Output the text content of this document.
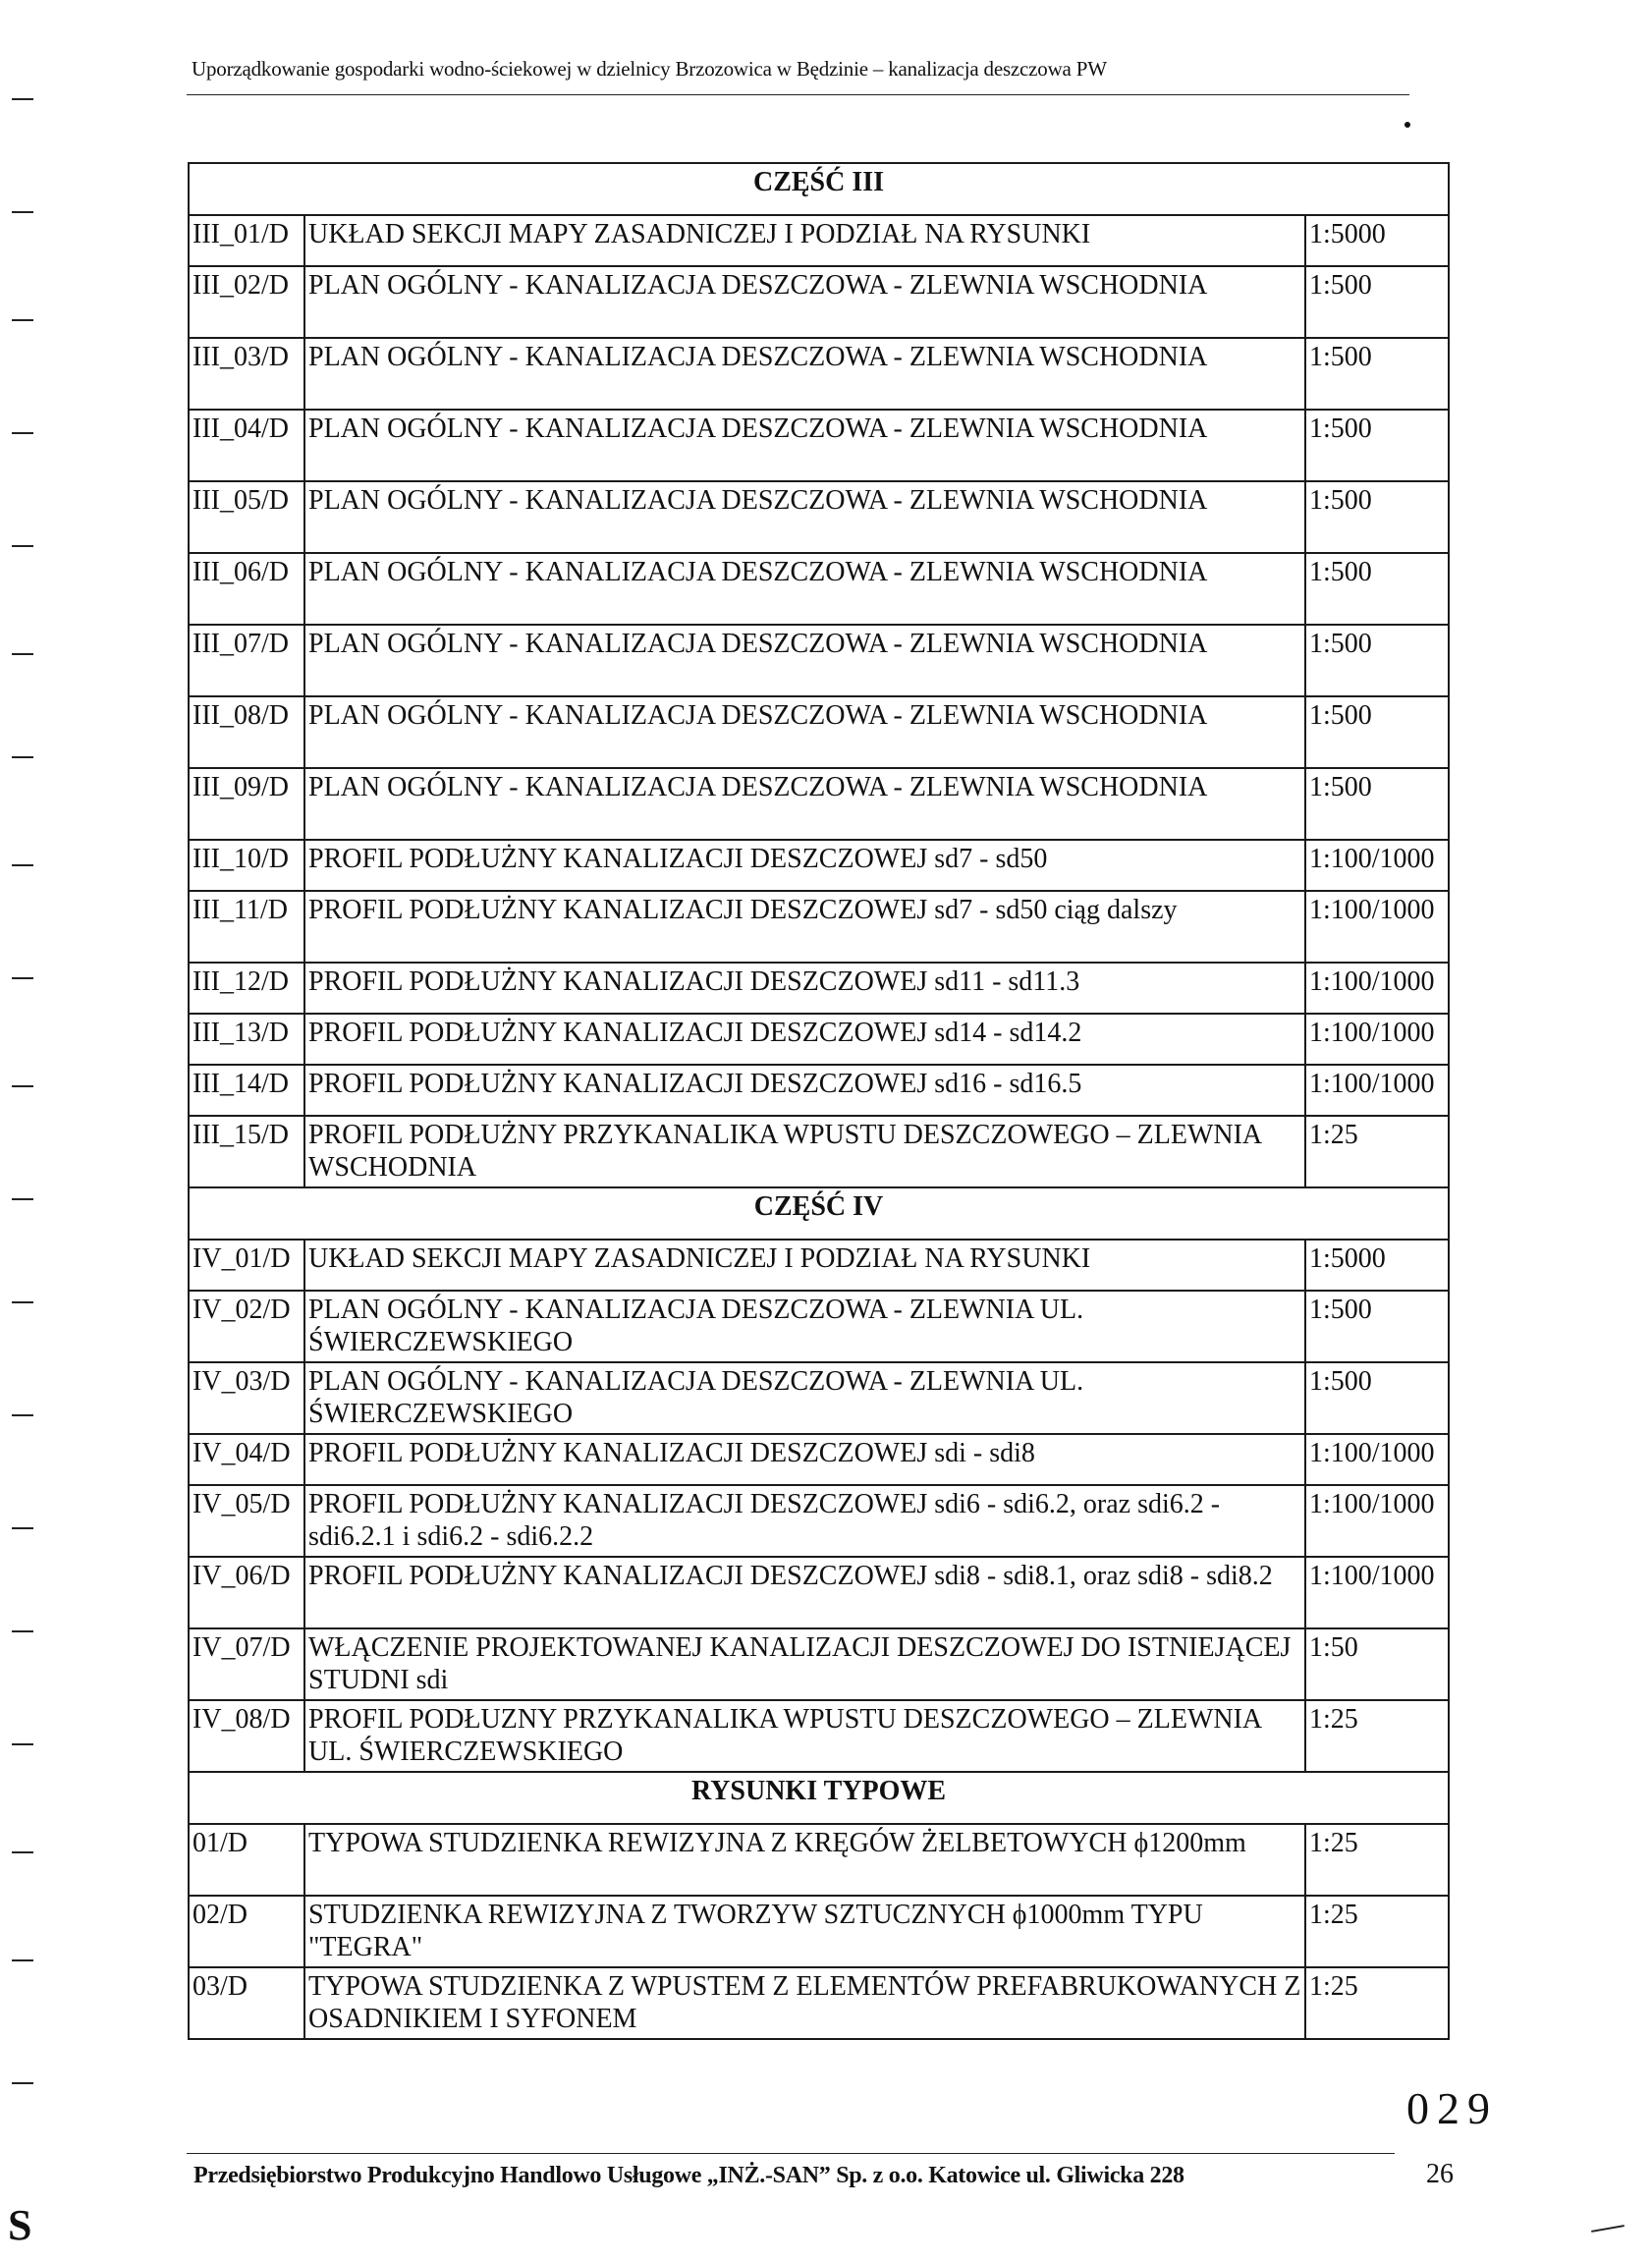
Uporządkowanie gospodarki wodno-ściekowej w dzielnicy Brzozowica w Będzinie – kanalizacja deszczowa PW
CZĘŚĆ III		
III_01/D	UKŁAD SEKCJI MAPY ZASADNICZEJ I PODZIAŁ NA RYSUNKI	1:5000
III_02/D	PLAN OGÓLNY - KANALIZACJA DESZCZOWA - ZLEWNIA WSCHODNIA	1:500
III_03/D	PLAN OGÓLNY - KANALIZACJA DESZCZOWA - ZLEWNIA WSCHODNIA	1:500
III_04/D	PLAN OGÓLNY - KANALIZACJA DESZCZOWA - ZLEWNIA WSCHODNIA	1:500
III_05/D	PLAN OGÓLNY - KANALIZACJA DESZCZOWA - ZLEWNIA WSCHODNIA	1:500
III_06/D	PLAN OGÓLNY - KANALIZACJA DESZCZOWA - ZLEWNIA WSCHODNIA	1:500
III_07/D	PLAN OGÓLNY - KANALIZACJA DESZCZOWA - ZLEWNIA WSCHODNIA	1:500
III_08/D	PLAN OGÓLNY - KANALIZACJA DESZCZOWA - ZLEWNIA WSCHODNIA	1:500
III_09/D	PLAN OGÓLNY - KANALIZACJA DESZCZOWA - ZLEWNIA WSCHODNIA	1:500
III_10/D	PROFIL PODŁUŻNY KANALIZACJI DESZCZOWEJ sd7 - sd50	1:100/1000
III_11/D	PROFIL PODŁUŻNY KANALIZACJI DESZCZOWEJ sd7 - sd50 ciąg dalszy	1:100/1000
III_12/D	PROFIL PODŁUŻNY KANALIZACJI DESZCZOWEJ sd11 - sd11.3	1:100/1000
III_13/D	PROFIL PODŁUŻNY KANALIZACJI DESZCZOWEJ sd14 - sd14.2	1:100/1000
III_14/D	PROFIL PODŁUŻNY KANALIZACJI DESZCZOWEJ sd16 - sd16.5	1:100/1000
III_15/D	PROFIL PODŁUŻNY PRZYKANALIKA WPUSTU DESZCZOWEGO – ZLEWNIA WSCHODNIA	1:25
CZĘŚĆ IV		
IV_01/D	UKŁAD SEKCJI MAPY ZASADNICZEJ I PODZIAŁ NA RYSUNKI	1:5000
IV_02/D	PLAN OGÓLNY - KANALIZACJA DESZCZOWA - ZLEWNIA UL. ŚWIERCZEWSKIEGO	1:500
IV_03/D	PLAN OGÓLNY - KANALIZACJA DESZCZOWA - ZLEWNIA UL. ŚWIERCZEWSKIEGO	1:500
IV_04/D	PROFIL PODŁUŻNY KANALIZACJI DESZCZOWEJ sdi - sdi8	1:100/1000
IV_05/D	PROFIL PODŁUŻNY KANALIZACJI DESZCZOWEJ sdi6 - sdi6.2, oraz sdi6.2 - sdi6.2.1 i sdi6.2 - sdi6.2.2	1:100/1000
IV_06/D	PROFIL PODŁUŻNY KANALIZACJI DESZCZOWEJ sdi8 - sdi8.1, oraz sdi8 - sdi8.2	1:100/1000
IV_07/D	WŁĄCZENIE PROJEKTOWANEJ KANALIZACJI DESZCZOWEJ DO ISTNIEJĄCEJ STUDNI sdi	1:50
IV_08/D	PROFIL PODŁUZNY PRZYKANALIKA WPUSTU DESZCZOWEGO – ZLEWNIA UL. ŚWIERCZEWSKIEGO	1:25
RYSUNKI TYPOWE		
01/D	TYPOWA STUDZIENKA REWIZYJNA Z KRĘGÓW ŻELBETOWYCH ϕ1200mm	1:25
02/D	STUDZIENKA REWIZYJNA Z TWORZYW SZTUCZNYCH ϕ1000mm TYPU "TEGRA"	1:25
03/D	TYPOWA STUDZIENKA Z WPUSTEM Z ELEMENTÓW PREFABRUKOWANYCH Z OSADNIKIEM I SYFONEM	1:25
029
Przedsiębiorstwo Produkcyjno Handlowo Usługowe „INŻ.-SAN” Sp. z o.o. Katowice ul. Gliwicka 228	26
Ѕ
